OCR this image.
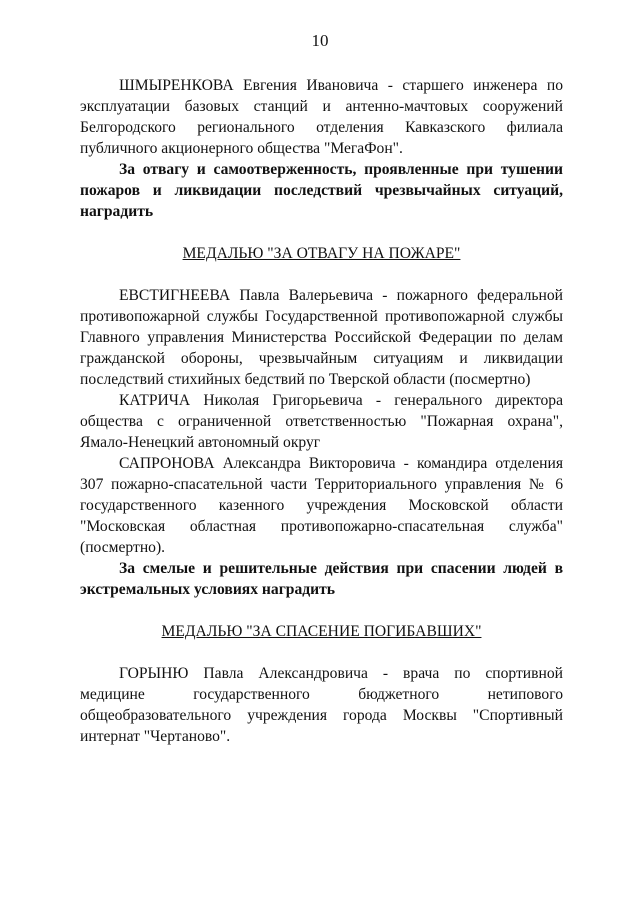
10

ШМЫРЕНКОВА Евгения Ивановича - старшего инженера по эксплуатации базовых станций и антенно-мачтовых сооружений Белгородского регионального отделения Кавказского филиала публичного акционерного общества "МегаФон".

За отвагу и самоотверженность, проявленные при тушении пожаров и ликвидации последствий чрезвычайных ситуаций, наградить

МЕДАЛЬЮ "ЗА ОТВАГУ НА ПОЖАРЕ"

ЕВСТИГНЕЕВА Павла Валерьевича - пожарного федеральной противопожарной службы Государственной противопожарной службы Главного управления Министерства Российской Федерации по делам гражданской обороны, чрезвычайным ситуациям и ликвидации последствий стихийных бедствий по Тверской области (посмертно)

КАТРИЧА Николая Григорьевича - генерального директора общества с ограниченной ответственностью "Пожарная охрана", Ямало-Ненецкий автономный округ

САПРОНОВА Александра Викторовича - командира отделения 307 пожарно-спасательной части Территориального управления № 6 государственного казенного учреждения Московской области "Московская областная противопожарно-спасательная служба" (посмертно).

За смелые и решительные действия при спасении людей в экстремальных условиях наградить

МЕДАЛЬЮ "ЗА СПАСЕНИЕ ПОГИБАВШИХ"

ГОРЫНЮ Павла Александровича - врача по спортивной медицине государственного бюджетного нетипового общеобразовательного учреждения города Москвы "Спортивный интернат "Чертаново".
